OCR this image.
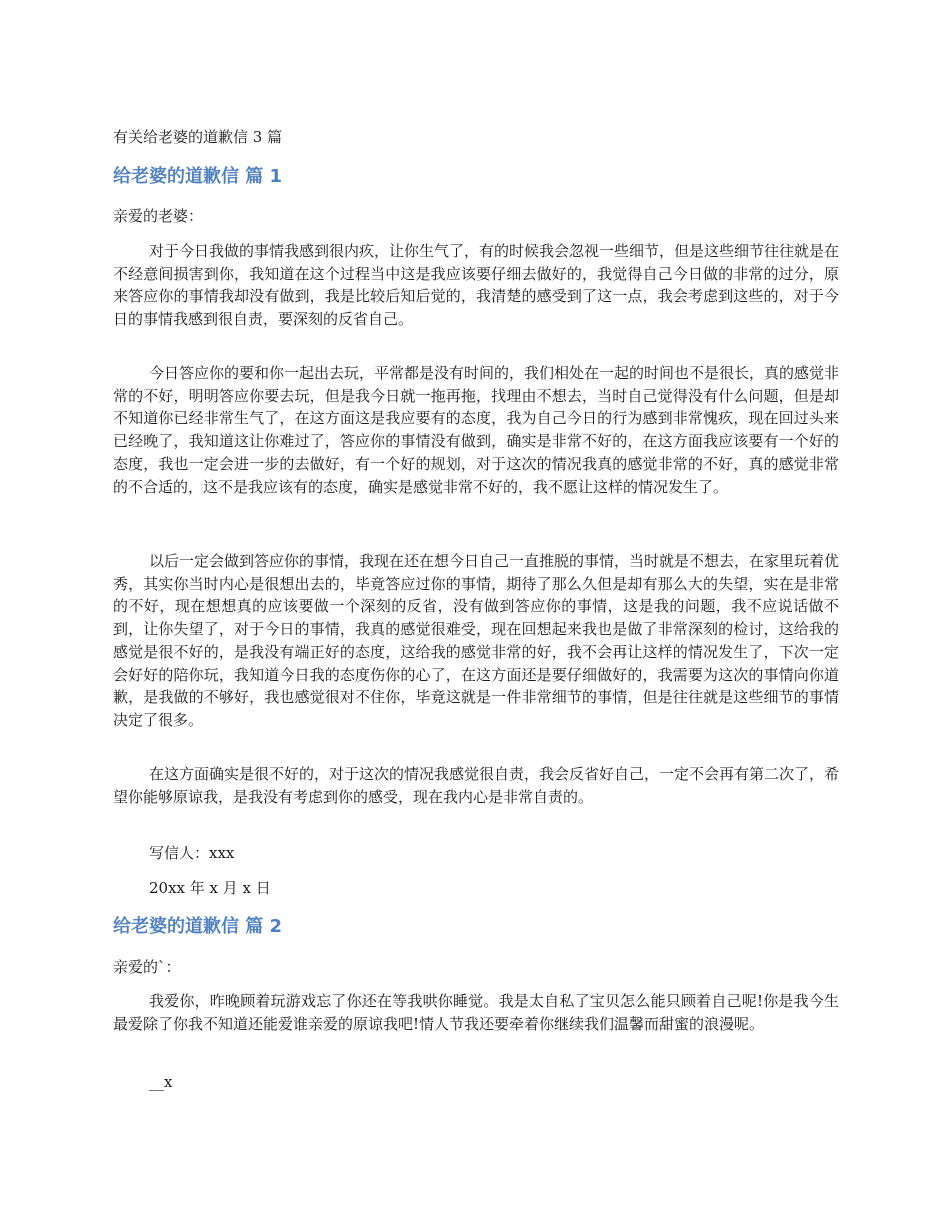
有关给老婆的道歉信 3 篇
给老婆的道歉信 篇 1
亲爱的老婆：

对于今日我做的事情我感到很内疚，让你生气了，有的时候我会忽视一些细节，但是这些细节往往就是在不经意间损害到你，我知道在这个过程当中这是我应该要仔细去做好的，我觉得自己今日做的非常的过分，原来答应你的事情我却没有做到，我是比较后知后觉的，我清楚的感受到了这一点，我会考虑到这些的，对于今日的事情我感到很自责，要深刻的反省自己。

今日答应你的要和你一起出去玩，平常都是没有时间的，我们相处在一起的时间也不是很长，真的感觉非常的不好，明明答应你要去玩，但是我今日就一拖再拖，找理由不想去，当时自己觉得没有什么问题，但是却不知道你已经非常生气了，在这方面这是我应要有的态度，我为自己今日的行为感到非常愧疚，现在回过头来已经晚了，我知道这让你难过了，答应你的事情没有做到，确实是非常不好的，在这方面我应该要有一个好的态度，我也一定会进一步的去做好，有一个好的规划，对于这次的情况我真的感觉非常的不好，真的感觉非常的不合适的，这不是我应该有的态度，确实是感觉非常不好的，我不愿让这样的情况发生了。

以后一定会做到答应你的事情，我现在还在想今日自己一直推脱的事情，当时就是不想去，在家里玩着优秀，其实你当时内心是很想出去的，毕竟答应过你的事情，期待了那么久但是却有那么大的失望，实在是非常的不好，现在想想真的应该要做一个深刻的反省，没有做到答应你的事情，这是我的问题，我不应说话做不到，让你失望了，对于今日的事情，我真的感觉很难受，现在回想起来我也是做了非常深刻的检讨，这给我的感觉是很不好的，是我没有端正好的态度，这给我的感觉非常的好，我不会再让这样的情况发生了，下次一定会好好的陪你玩，我知道今日我的态度伤你的心了，在这方面还是要仔细做好的，我需要为这次的事情向你道歉，是我做的不够好，我也感觉很对不住你，毕竟这就是一件非常细节的事情，但是往往就是这些细节的事情决定了很多。

在这方面确实是很不好的，对于这次的情况我感觉很自责，我会反省好自己，一定不会再有第二次了，希望你能够原谅我，是我没有考虑到你的感受，现在我内心是非常自责的。

写信人：xxx
20xx 年 x 月 x 日
给老婆的道歉信 篇 2
亲爱的`：

我爱你，昨晚顾着玩游戏忘了你还在等我哄你睡觉。我是太自私了宝贝怎么能只顾着自己呢!你是我今生最爱除了你我不知道还能爱谁亲爱的原谅我吧!情人节我还要牵着你继续我们温馨而甜蜜的浪漫呢。

__x
